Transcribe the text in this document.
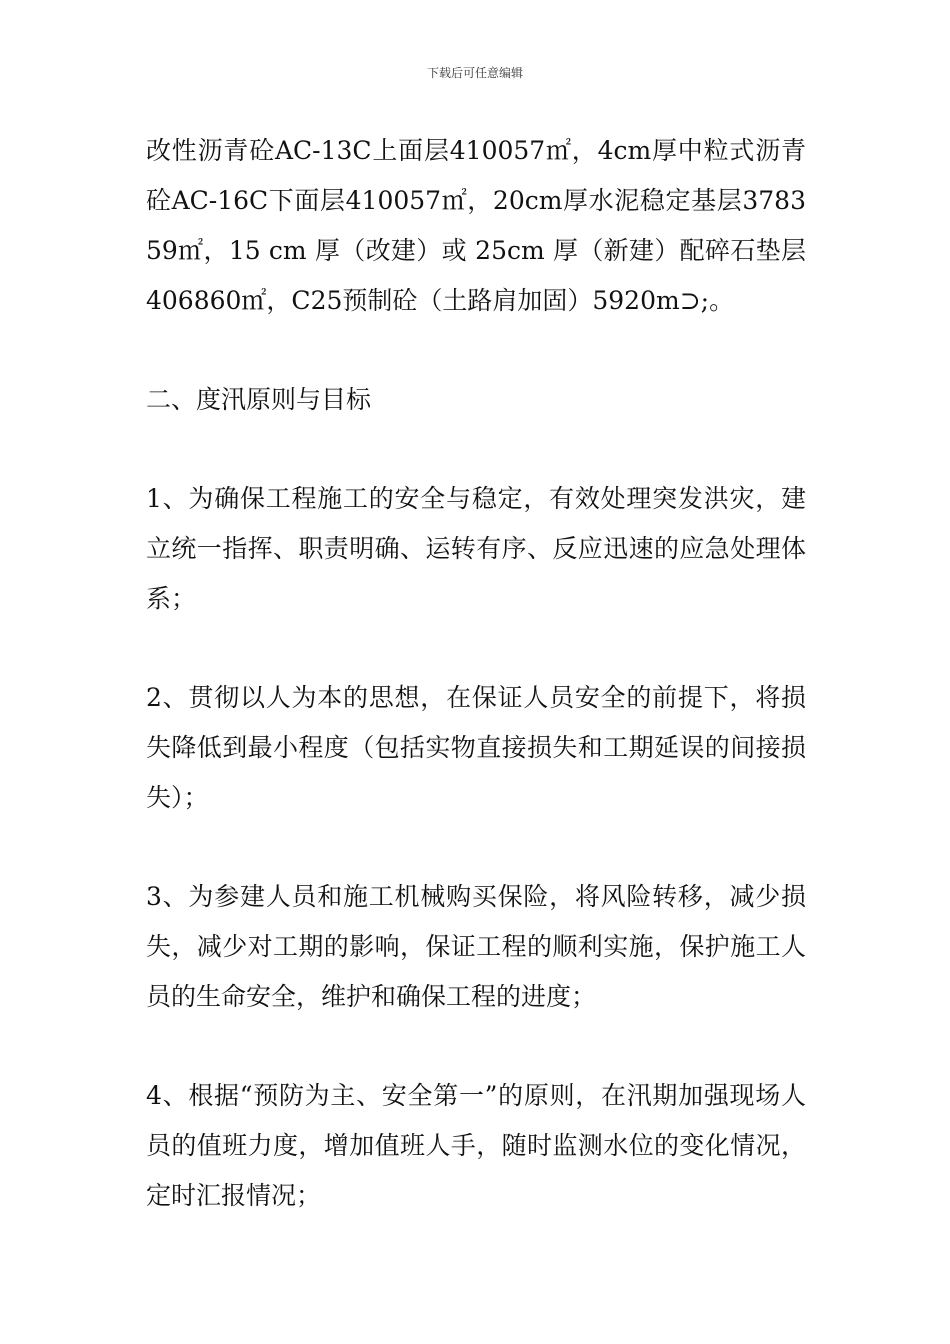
下载后可任意编辑

改性沥青砼AC-13C上面层410057㎡，4cm厚中粒式沥青砼AC-16C下面层410057㎡，20cm厚水泥稳定基层378359㎡，15 cm 厚（改建）或 25cm 厚（新建）配碎石垫层406860㎡，C25预制砼（土路肩加固）5920m⊃;。

二、度汛原则与目标

1、为确保工程施工的安全与稳定，有效处理突发洪灾，建立统一指挥、职责明确、运转有序、反应迅速的应急处理体系；

2、贯彻以人为本的思想，在保证人员安全的前提下，将损失降低到最小程度（包括实物直接损失和工期延误的间接损失）；

3、为参建人员和施工机械购买保险，将风险转移，减少损失，减少对工期的影响，保证工程的顺利实施，保护施工人员的生命安全，维护和确保工程的进度；

4、根据“预防为主、安全第一”的原则，在汛期加强现场人员的值班力度，增加值班人手，随时监测水位的变化情况，定时汇报情况；
